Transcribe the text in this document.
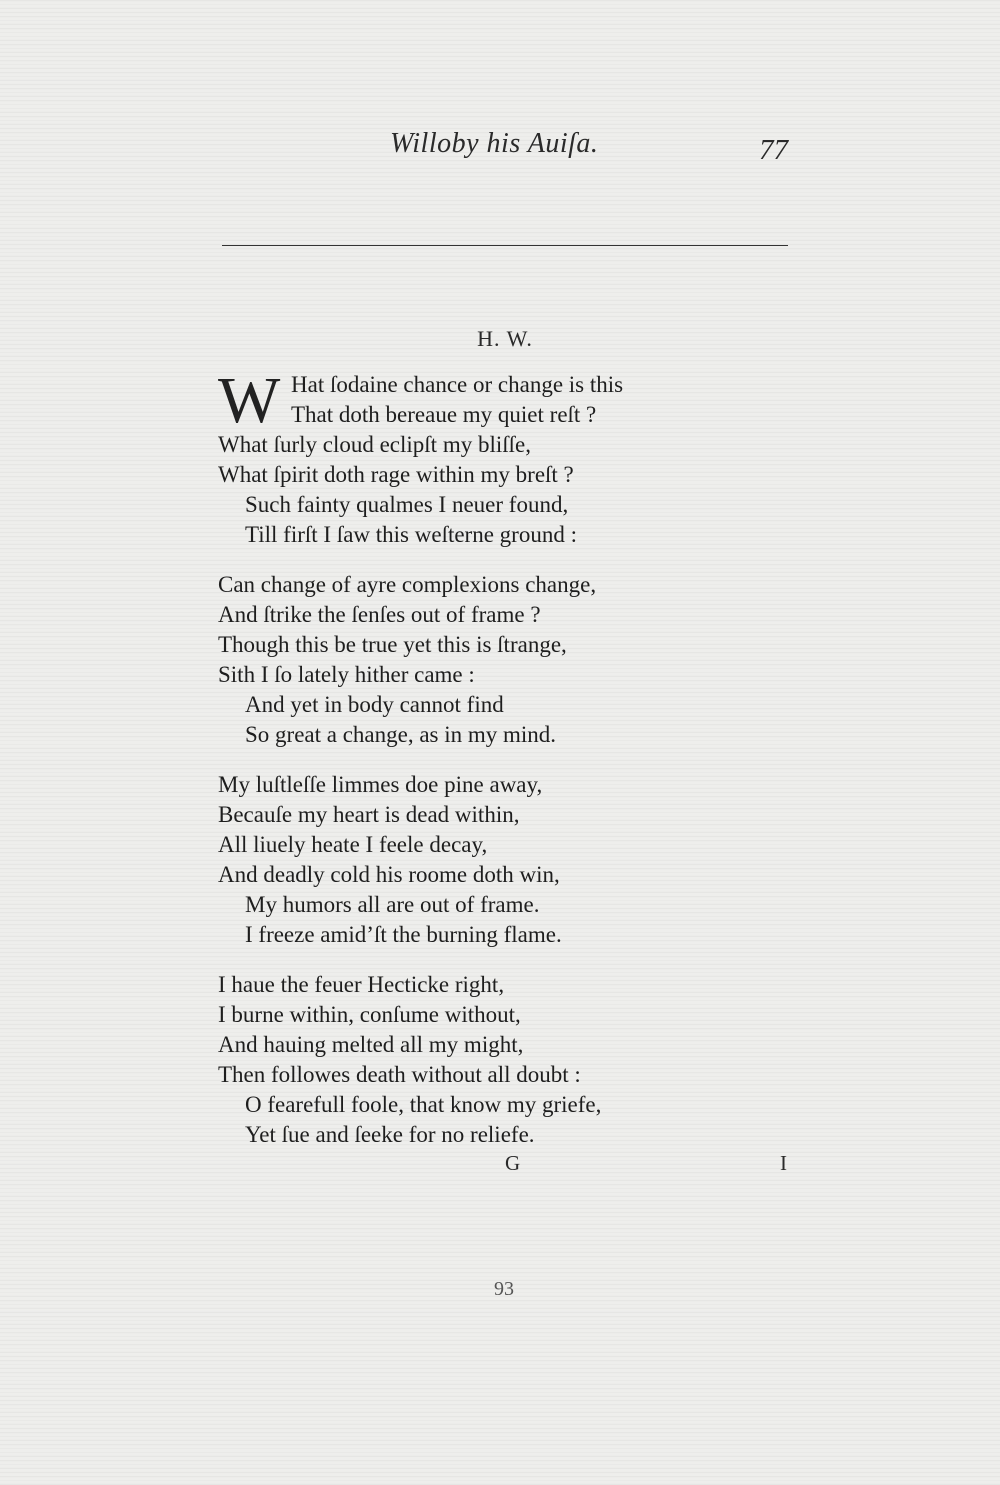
Willoby his Auiſa.	77
H. W.
W Hat ſodaine chance or change is this
That doth bereaue my quiet reſt ?
What ſurly cloud eclipſt my bliſſe,
What ſpirit doth rage within my breſt ?
Such fainty qualmes I neuer found,
Till firſt I ſaw this weſterne ground :
Can change of ayre complexions change,
And ſtrike the ſenſes out of frame ?
Though this be true yet this is ſtrange,
Sith I ſo lately hither came :
And yet in body cannot find
So great a change, as in my mind.
My luſtleſſe limmes doe pine away,
Becauſe my heart is dead within,
All liuely heate I feele decay,
And deadly cold his roome doth win,
My humors all are out of frame.
I freeze amid’ſt the burning flame.
I haue the feuer Hecticke right,
I burne within, conſume without,
And hauing melted all my might,
Then followes death without all doubt :
O fearefull foole, that know my griefe,
Yet ſue and ſeeke for no reliefe.
G	I
93
